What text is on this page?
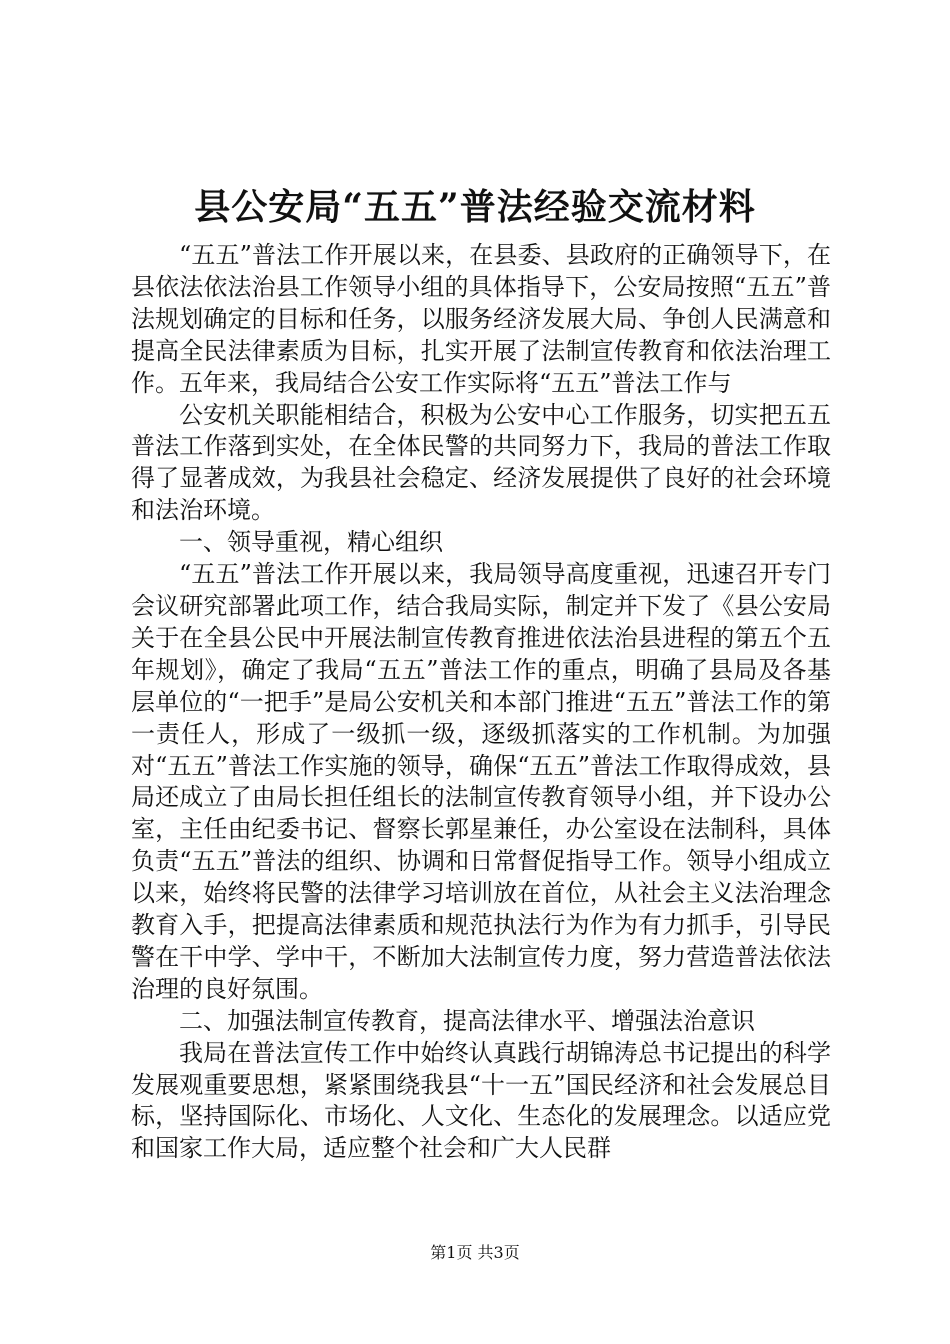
县公安局“五五”普法经验交流材料

“五五”普法工作开展以来，在县委、县政府的正确领导下，在县依法依法治县工作领导小组的具体指导下，公安局按照“五五”普法规划确定的目标和任务，以服务经济发展大局、争创人民满意和提高全民法律素质为目标，扎实开展了法制宣传教育和依法治理工作。五年来，我局结合公安工作实际将“五五”普法工作与

公安机关职能相结合，积极为公安中心工作服务，切实把五五普法工作落到实处，在全体民警的共同努力下，我局的普法工作取得了显著成效，为我县社会稳定、经济发展提供了良好的社会环境和法治环境。

一、领导重视，精心组织

“五五”普法工作开展以来，我局领导高度重视，迅速召开专门会议研究部署此项工作，结合我局实际，制定并下发了《县公安局关于在全县公民中开展法制宣传教育推进依法治县进程的第五个五年规划》，确定了我局“五五”普法工作的重点，明确了县局及各基层单位的“一把手”是局公安机关和本部门推进“五五”普法工作的第一责任人，形成了一级抓一级，逐级抓落实的工作机制。为加强对“五五”普法工作实施的领导，确保“五五”普法工作取得成效，县局还成立了由局长担任组长的法制宣传教育领导小组，并下设办公室，主任由纪委书记、督察长郭星兼任，办公室设在法制科，具体负责“五五”普法的组织、协调和日常督促指导工作。领导小组成立以来，始终将民警的法律学习培训放在首位，从社会主义法治理念教育入手，把提高法律素质和规范执法行为作为有力抓手，引导民警在干中学、学中干，不断加大法制宣传力度，努力营造普法依法治理的良好氛围。

二、加强法制宣传教育，提高法律水平、增强法治意识

我局在普法宣传工作中始终认真践行胡锦涛总书记提出的科学发展观重要思想，紧紧围绕我县“十一五”国民经济和社会发展总目标，坚持国际化、市场化、人文化、生态化的发展理念。以适应党和国家工作大局，适应整个社会和广大人民群

第1页 共3页
